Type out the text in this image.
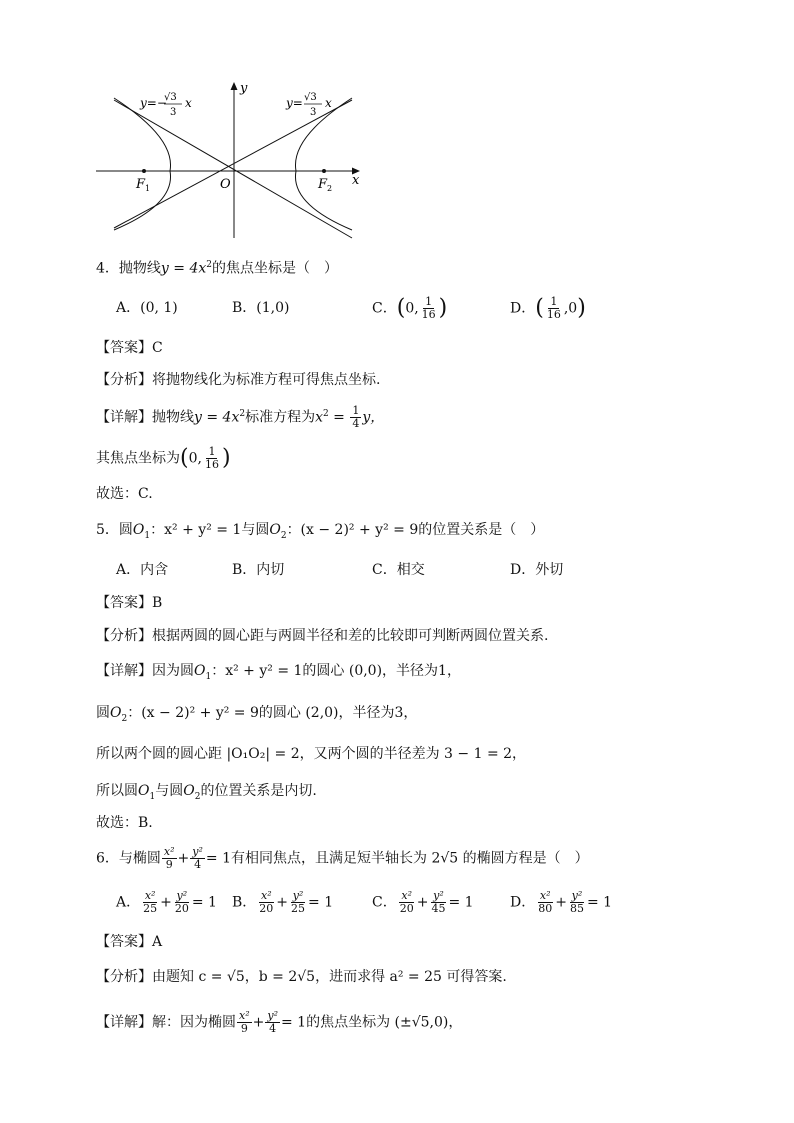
y
x
O
F 1	F 2
y=−
√3
3
x	y= √3
3
x
4．抛物线$y = 4x^2$的焦点坐标是（　）
A．(0, 1)	B．(1,0)	C．(0, $\frac{1}{16}$ )	D．( $\frac{1}{16} ,0$)
【答案】C
【分析】将抛物线化为标准方程可得焦点坐标.
【详解】抛物线$y = 4x^2$标准方程为$x^2 = \frac{1}{4}$ y，
其焦点坐标为(0, $\frac{1}{16}$ )
故选：C.
5．圆$O_1$：x² + y² = 1与圆$O_2$：(x − 2)² + y² = 9的位置关系是（　）
A．内含	B．内切	C．相交	D．外切
【答案】B
【分析】根据两圆的圆心距与两圆半径和差的比较即可判断两圆位置关系.
【详解】因为圆$O_1$：x² + y² = 1的圆心 (0,0)，半径为1，
圆$O_2$：(x − 2)² + y² = 9的圆心 (2,0)，半径为3，
所以两个圆的圆心距 |O₁O₂| = 2，又两个圆的半径差为 3 − 1 = 2，
所以圆$O_1$与圆$O_2$的位置关系是内切.
故选：B.
6．与椭圆 $\frac{\text{x²}}{9} + \frac{\text{y²}}{4} = 1$有相同焦点，且满足短半轴长为 2√5 的椭圆方程是（　）
A． $\frac{\text{x²}}{25} + \frac{\text{y²}}{20} = 1$ B． $\frac{\text{x²}}{20} + \frac{\text{y²}}{25} = 1$	C． $\frac{\text{x²}}{20} + \frac{\text{y²}}{45} = 1$	D． $\frac{\text{x²}}{80} + \frac{\text{y²}}{85} = 1$
【答案】A
【分析】由题知 c = √5，b = 2√5，进而求得 a² = 25 可得答案.
【详解】解：因为椭圆 $\frac{\text{x²}}{9} + \frac{\text{y²}}{4} = 1$的焦点坐标为 (±√5,0)，
